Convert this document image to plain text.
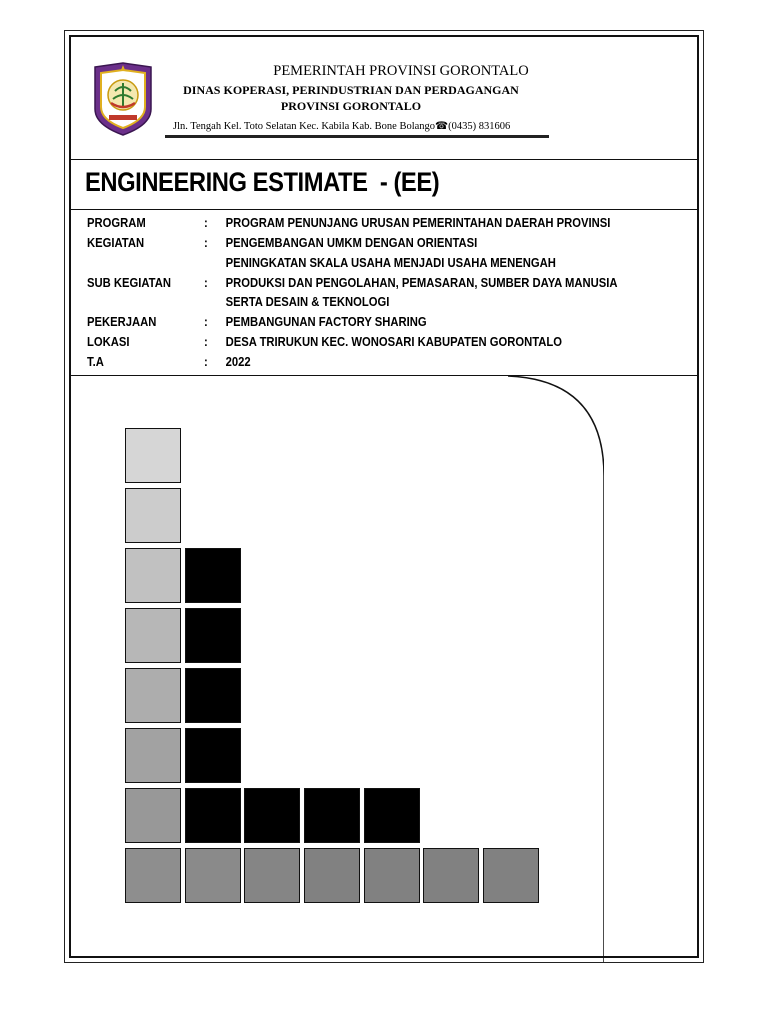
PEMERINTAH PROVINSI GORONTALO
DINAS KOPERASI, PERINDUSTRIAN DAN PERDAGANGAN
PROVINSI GORONTALO
Jln. Tengah Kel. Toto Selatan Kec. Kabila Kab. Bone Bolango☎(0435) 831606
ENGINEERING ESTIMATE  - (EE)
PROGRAM	: PROGRAM PENUNJANG URUSAN PEMERINTAHAN DAERAH PROVINSI
KEGIATAN	: PENGEMBANGAN UMKM DENGAN ORIENTASI
PENINGKATAN SKALA USAHA MENJADI USAHA MENENGAH
SUB KEGIATAN	: PRODUKSI DAN PENGOLAHAN, PEMASARAN, SUMBER DAYA MANUSIA
SERTA DESAIN & TEKNOLOGI
PEKERJAAN	: PEMBANGUNAN FACTORY SHARING
LOKASI	: DESA TRIRUKUN KEC. WONOSARI KABUPATEN GORONTALO
T.A	: 2022
